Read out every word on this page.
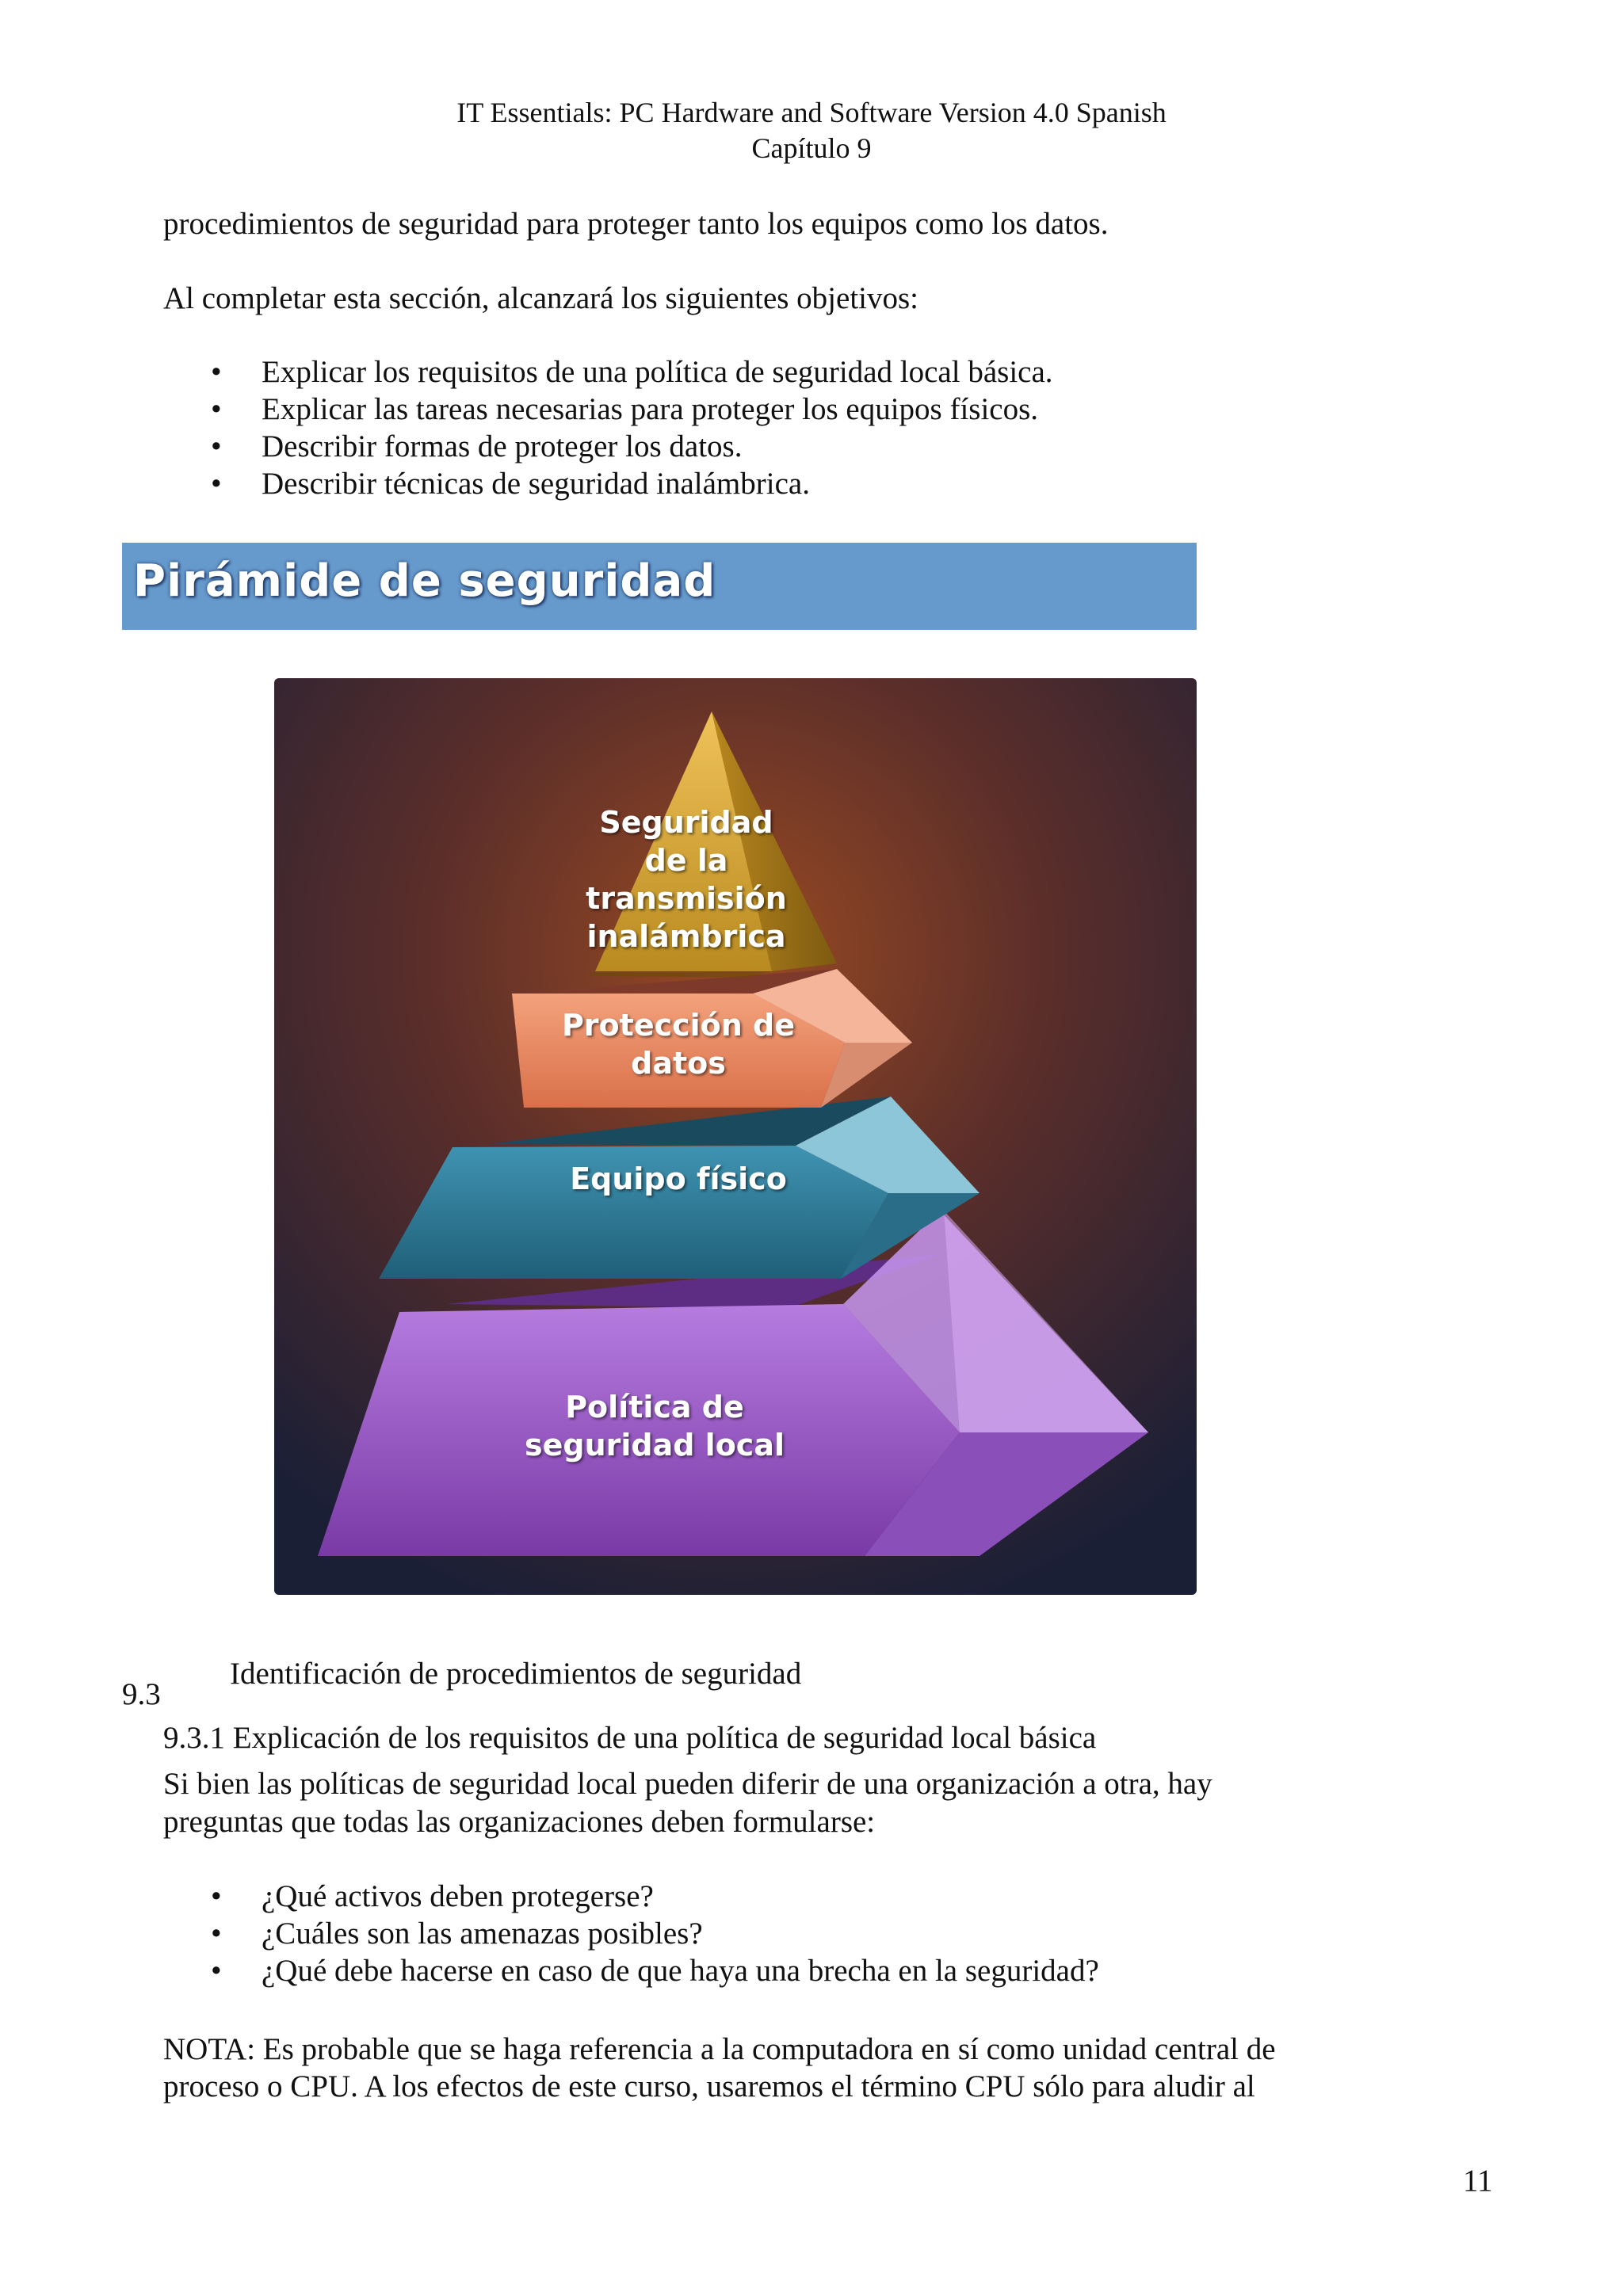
IT Essentials: PC Hardware and Software Version 4.0 Spanish
Capítulo 9

procedimientos de seguridad para proteger tanto los equipos como los datos.

Al completar esta sección, alcanzará los siguientes objetivos:

• Explicar los requisitos de una política de seguridad local básica.
• Explicar las tareas necesarias para proteger los equipos físicos.
• Describir formas de proteger los datos.
• Describir técnicas de seguridad inalámbrica.
Pirámide de seguridad
Seguridad
de la
transmisión
inalámbrica
Protección de
datos
Equipo físico
Política de
seguridad local
9.3
Identificación de procedimientos de seguridad

9.3.1 Explicación de los requisitos de una política de seguridad local básica

Si bien las políticas de seguridad local pueden diferir de una organización a otra, hay

preguntas que todas las organizaciones deben formularse:

• ¿Qué activos deben protegerse?
• ¿Cuáles son las amenazas posibles?
• ¿Qué debe hacerse en caso de que haya una brecha en la seguridad?

NOTA: Es probable que se haga referencia a la computadora en sí como unidad central de

proceso o CPU. A los efectos de este curso, usaremos el término CPU sólo para aludir al

11
